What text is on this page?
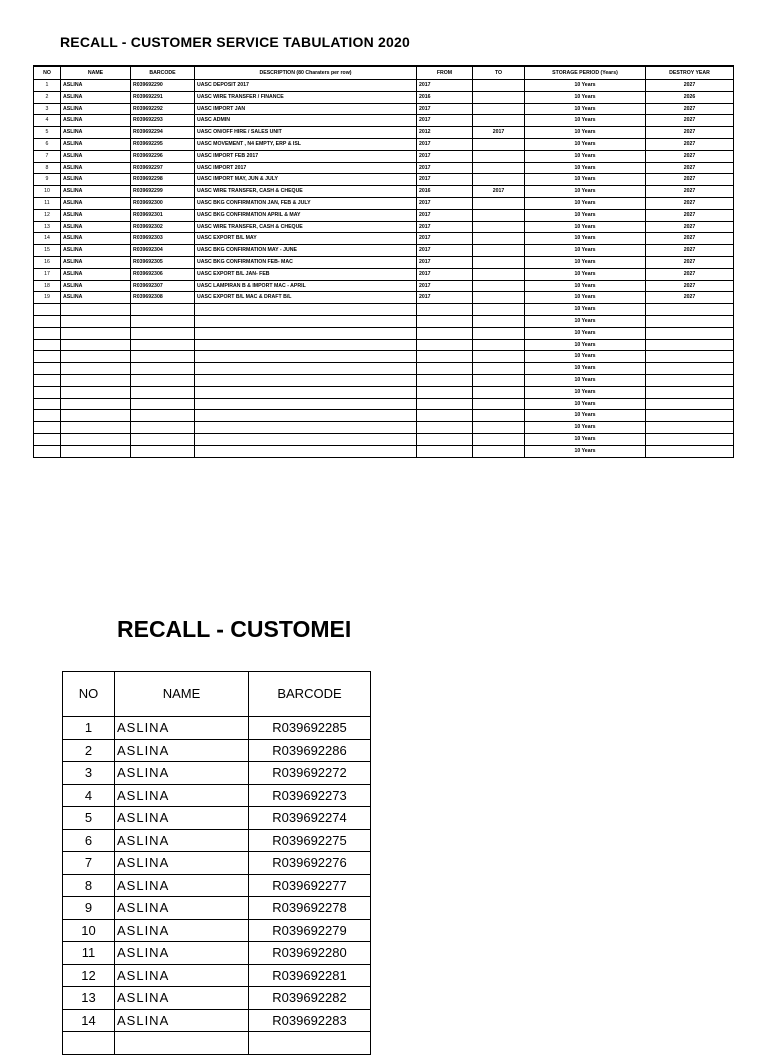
RECALL - CUSTOMER SERVICE TABULATION 2020
NO	NAME	BARCODE	DESCRIPTION (80 Charaters per row)	FROM	TO	STORAGE PERIOD (Years)	DESTROY YEAR
1	ASLINA	R039692290	UASC DEPOSIT 2017	2017		10 Years	2027
2	ASLINA	R039692291	UASC WIRE TRANSFER / FINANCE	2016		10 Years	2026
3	ASLINA	R039692292	UASC IMPORT JAN	2017		10 Years	2027
4	ASLINA	R039692293	UASC ADMIN	2017		10 Years	2027
5	ASLINA	R039692294	UASC ON/OFF HIRE / SALES UNIT	2012	2017	10 Years	2027
6	ASLINA	R039692295	UASC MOVEMENT , N4 EMPTY, ERP & ISL	2017		10 Years	2027
7	ASLINA	R039692296	UASC IMPORT FEB 2017	2017		10 Years	2027
8	ASLINA	R039692297	UASC IMPORT 2017	2017		10 Years	2027
9	ASLINA	R039692298	UASC IMPORT MAY, JUN & JULY	2017		10 Years	2027
10	ASLINA	R039692299	UASC WIRE TRANSFER, CASH & CHEQUE	2016	2017	10 Years	2027
11	ASLINA	R039692300	UASC BKG CONFIRMATION JAN, FEB & JULY	2017		10 Years	2027
12	ASLINA	R039692301	UASC BKG CONFIRMATION APRIL & MAY	2017		10 Years	2027
13	ASLINA	R039692302	UASC WIRE TRANSFER, CASH & CHEQUE	2017		10 Years	2027
14	ASLINA	R039692303	UASC EXPORT B/L MAY	2017		10 Years	2027
15	ASLINA	R039692304	UASC BKG CONFIRMATION MAY - JUNE	2017		10 Years	2027
16	ASLINA	R039692305	UASC BKG CONFIRMATION FEB- MAC	2017		10 Years	2027
17	ASLINA	R039692306	UASC EXPORT B/L JAN- FEB	2017		10 Years	2027
18	ASLINA	R039692307	UASC LAMPIRAN B & IMPORT MAC - APRIL	2017		10 Years	2027
19	ASLINA	R039692308	UASC EXPORT B/L MAC & DRAFT B/L	2017		10 Years	2027
						10 Years	
						10 Years	
						10 Years	
						10 Years	
						10 Years	
						10 Years	
						10 Years	
						10 Years	
						10 Years	
						10 Years	
						10 Years	
						10 Years	
						10 Years	
RECALL - CUSTOMEI
NO	NAME	BARCODE
1	ASLINA	R039692285
2	ASLINA	R039692286
3	ASLINA	R039692272
4	ASLINA	R039692273
5	ASLINA	R039692274
6	ASLINA	R039692275
7	ASLINA	R039692276
8	ASLINA	R039692277
9	ASLINA	R039692278
10	ASLINA	R039692279
11	ASLINA	R039692280
12	ASLINA	R039692281
13	ASLINA	R039692282
14	ASLINA	R039692283
